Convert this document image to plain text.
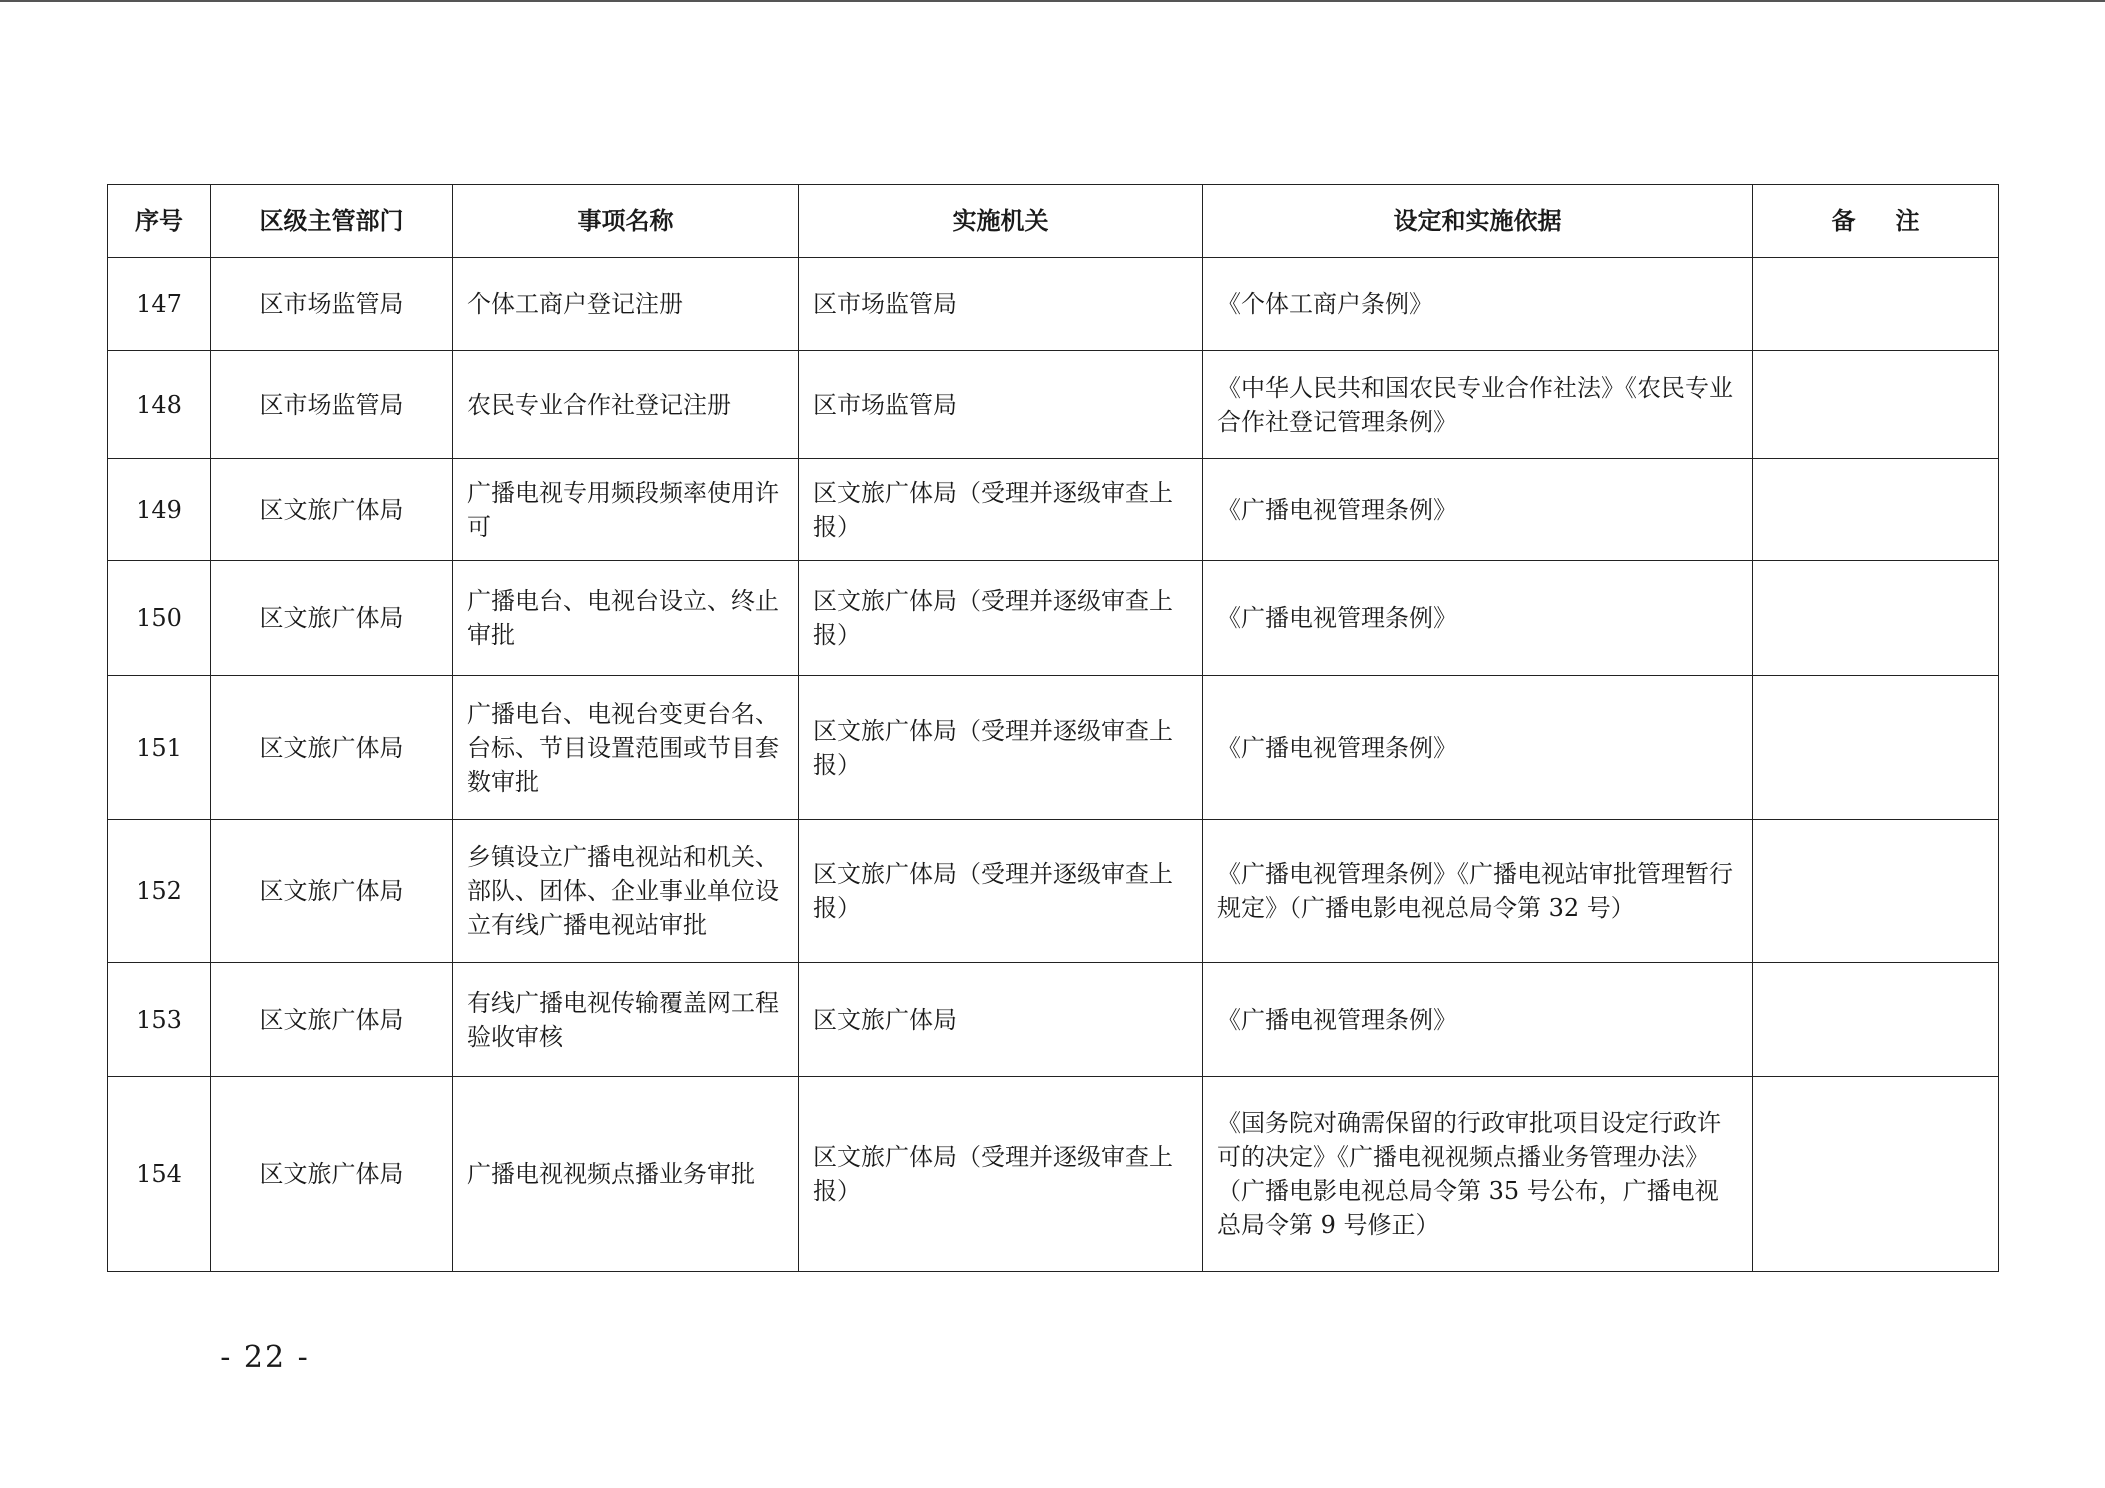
序号	区级主管部门	事项名称	实施机关	设定和实施依据	备注
147	区市场监管局	个体工商户登记注册	区市场监管局	《个体工商户条例》	
148	区市场监管局	农民专业合作社登记注册	区市场监管局	《中华人民共和国农民专业合作社法》《农民专业合作社登记管理条例》	
149	区文旅广体局	广播电视专用频段频率使用许可	区文旅广体局（受理并逐级审查上报）	《广播电视管理条例》	
150	区文旅广体局	广播电台、电视台设立、终止审批	区文旅广体局（受理并逐级审查上报）	《广播电视管理条例》	
151	区文旅广体局	广播电台、电视台变更台名、台标、节目设置范围或节目套数审批	区文旅广体局（受理并逐级审查上报）	《广播电视管理条例》	
152	区文旅广体局	乡镇设立广播电视站和机关、部队、团体、企业事业单位设立有线广播电视站审批	区文旅广体局（受理并逐级审查上报）	《广播电视管理条例》《广播电视站审批管理暂行规定》（广播电影电视总局令第 32 号）	
153	区文旅广体局	有线广播电视传输覆盖网工程验收审核	区文旅广体局	《广播电视管理条例》	
154	区文旅广体局	广播电视视频点播业务审批	区文旅广体局（受理并逐级审查上报）	《国务院对确需保留的行政审批项目设定行政许可的决定》《广播电视视频点播业务管理办法》（广播电影电视总局令第 35 号公布，广播电视总局令第 9 号修正）	
- 22 -
